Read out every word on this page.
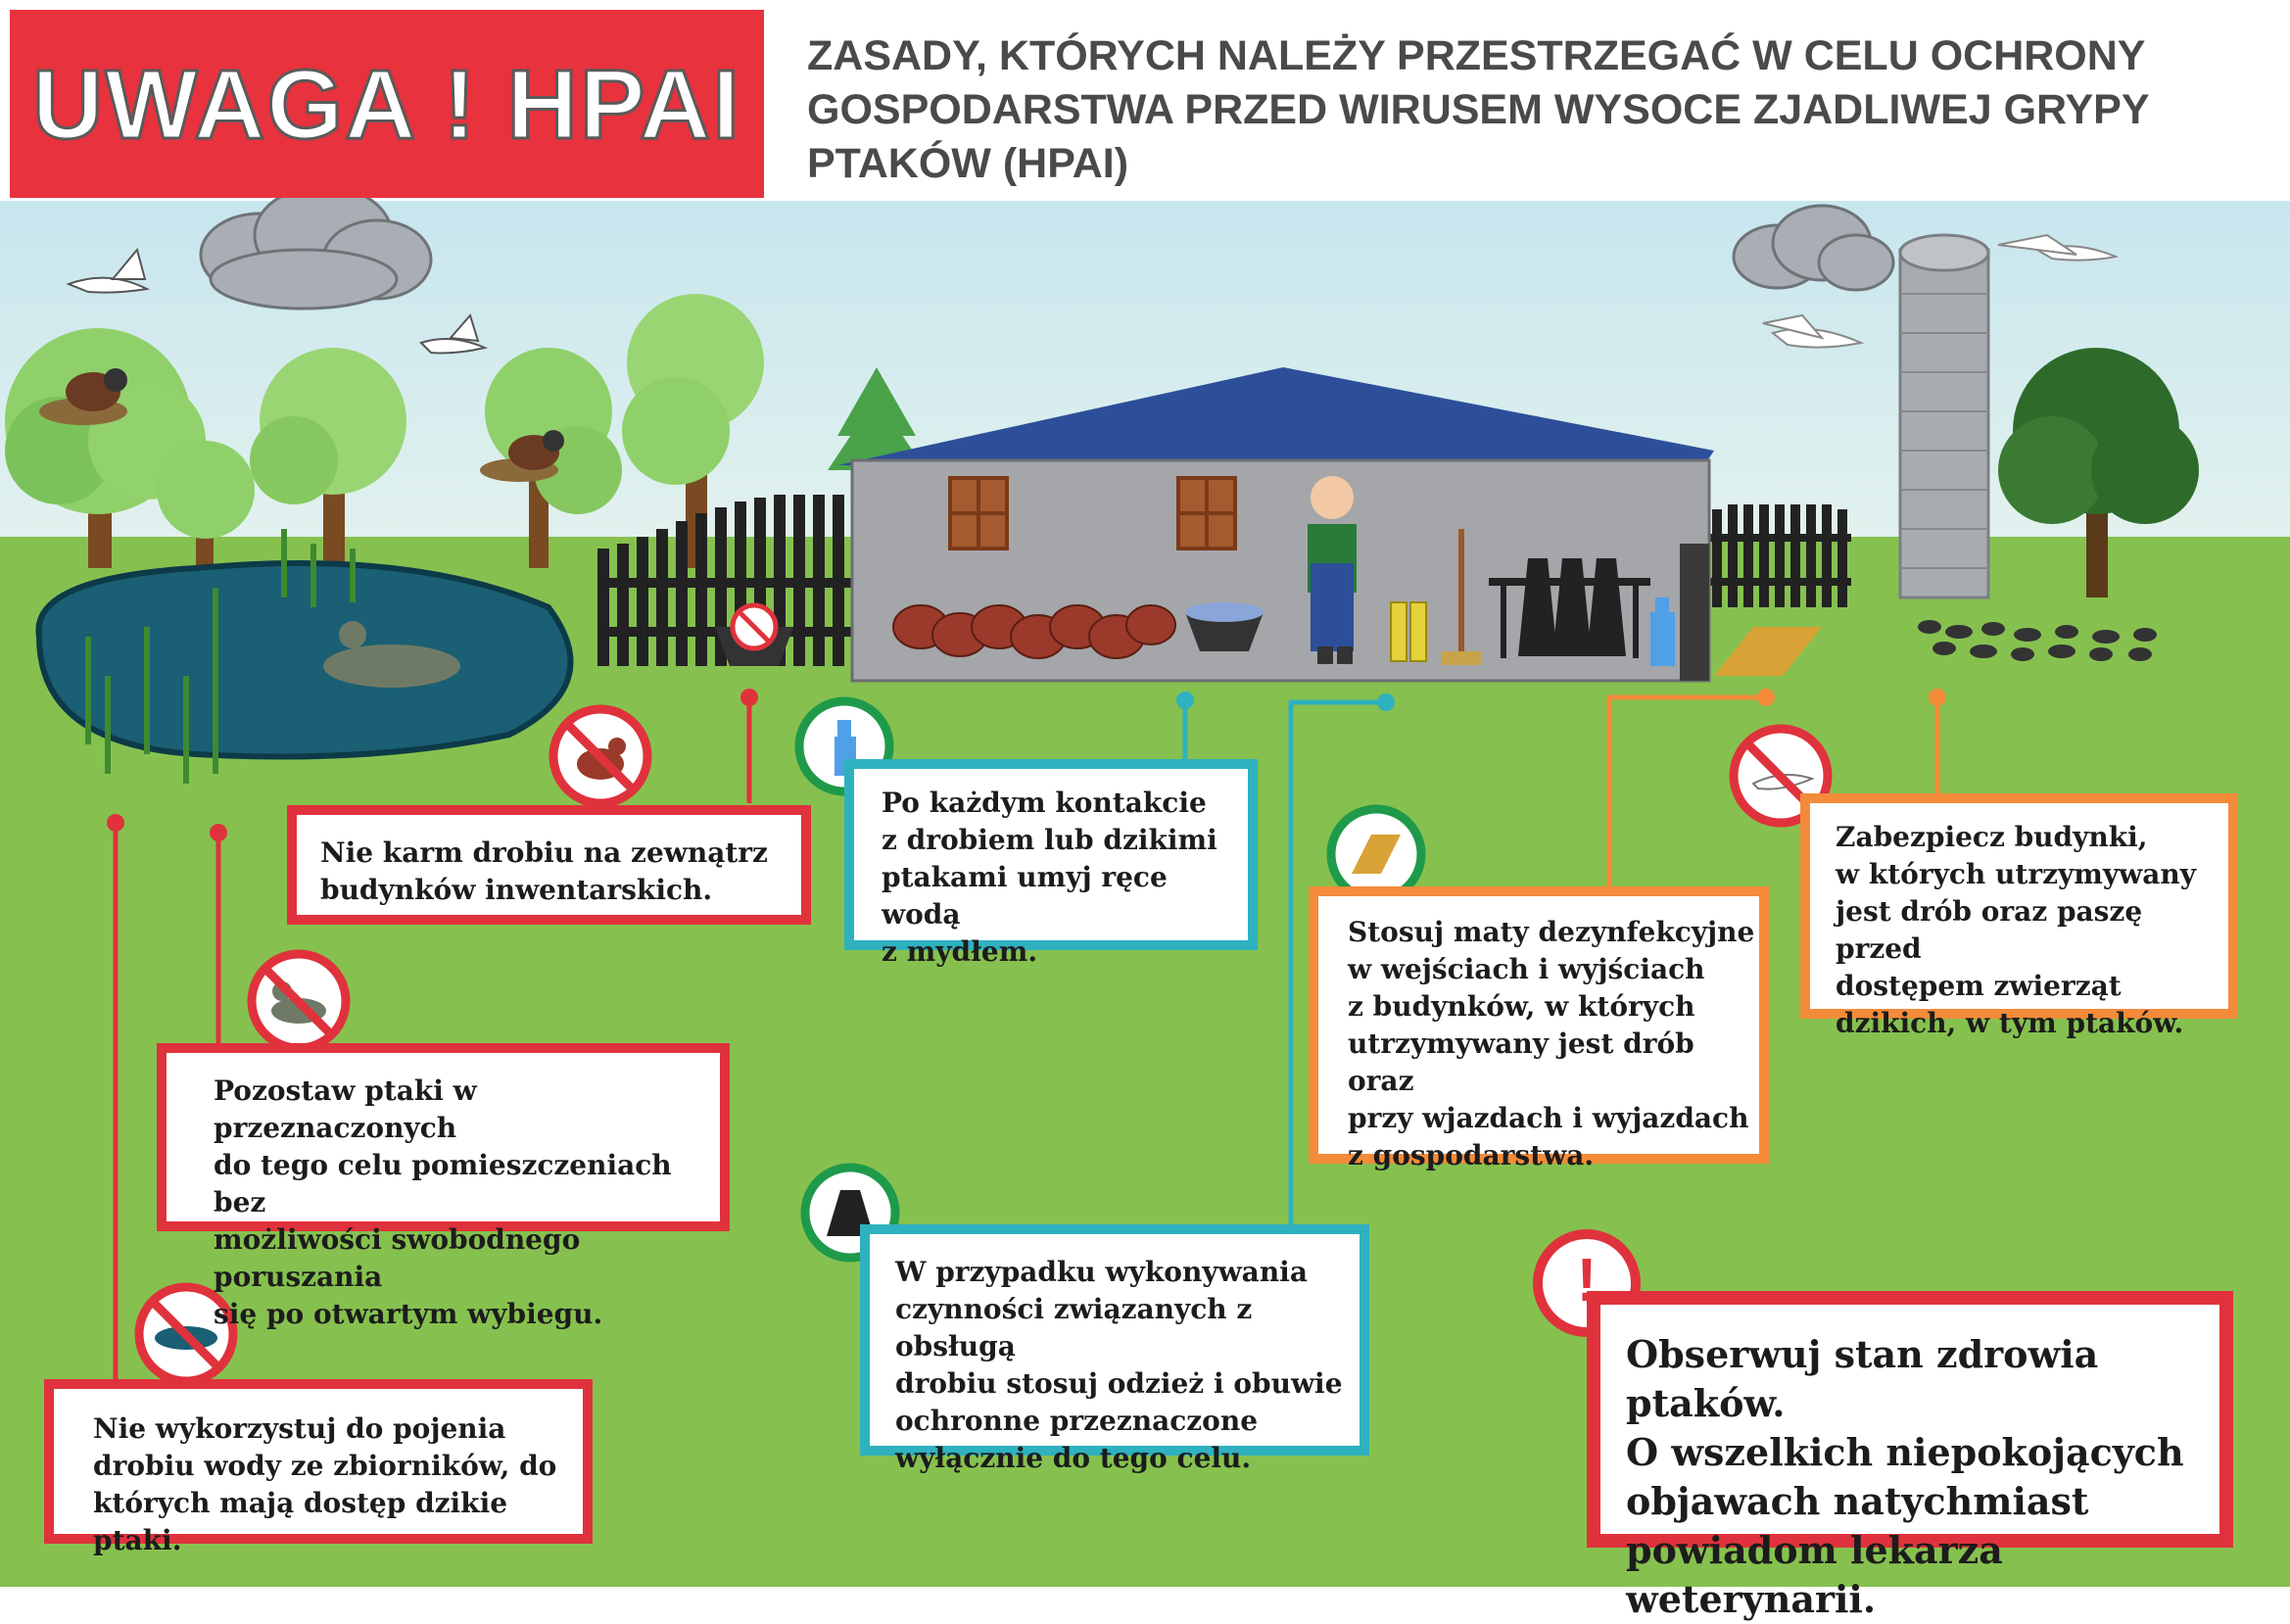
UWAGA ! HPAI	ZASADY, KTÓRYCH NALEŻY PRZESTRZEGAĆ W CELU OCHRONY
GOSPODARSTWA PRZED WIRUSEM WYSOCE ZJADLIWEJ GRYPY
PTAKÓW (HPAI)
Nie karm drobiu na zewnątrz
budynków inwentarskich.
Po każdym kontakcie
z drobiem lub dzikimi
ptakami umyj ręce wodą
z mydłem.
Stosuj maty dezynfekcyjne
w wejściach i wyjściach
z budynków, w których
utrzymywany jest drób oraz
przy wjazdach i wyjazdach
z gospodarstwa.
Zabezpiecz budynki,
w których utrzymywany
jest drób oraz paszę przed
dostępem zwierząt
dzikich, w tym ptaków.
Pozostaw ptaki w przeznaczonych
do tego celu pomieszczeniach bez
możliwości swobodnego poruszania
się po otwartym wybiegu.
W przypadku wykonywania
czynności związanych z obsługą
drobiu stosuj odzież i obuwie
ochronne przeznaczone
wyłącznie do tego celu.
Nie wykorzystuj do pojenia
drobiu wody ze zbiorników, do
których mają dostęp dzikie ptaki.
Obserwuj stan zdrowia ptaków.
O wszelkich niepokojących
objawach natychmiast
powiadom lekarza weterynarii.
!
